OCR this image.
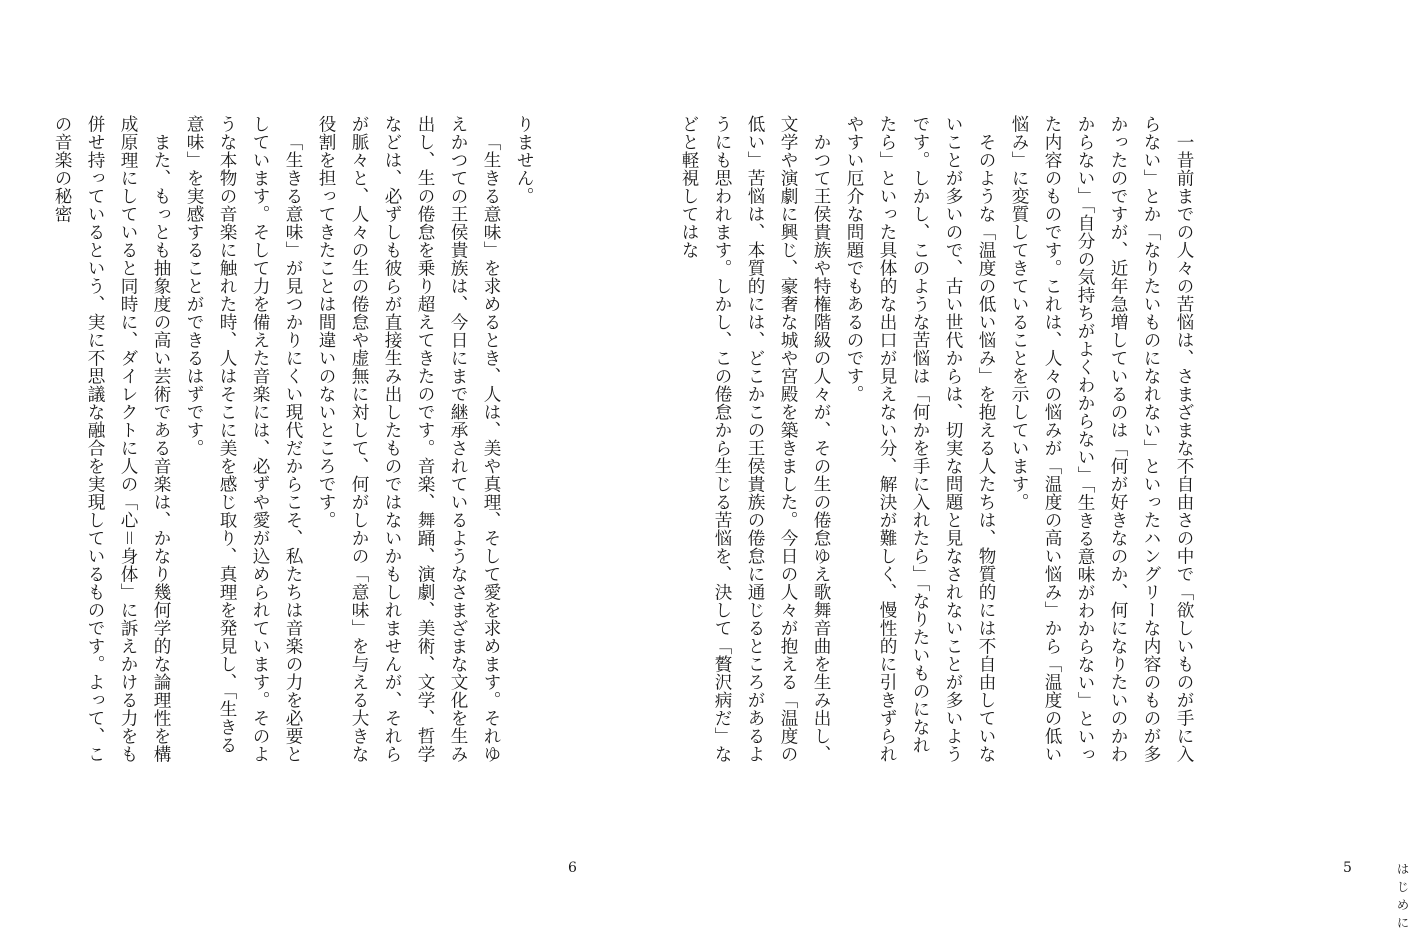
りません。

「生きる意味」を求めるとき、人は、美や真理、そして愛を求めます。それゆえかつての王侯貴族は、今日にまで継承されているようなさまざまな文化を生み出し、生の倦怠を乗り超えてきたのです。音楽、舞踊、演劇、美術、文学、哲学などは、必ずしも彼らが直接生み出したものではないかもしれませんが、それらが脈々と、人々の生の倦怠や虚無に対して、何がしかの「意味」を与える大きな役割を担ってきたことは間違いのないところです。

「生きる意味」が見つかりにくい現代だからこそ、私たちは音楽の力を必要としています。そして力を備えた音楽には、必ずや愛が込められています。そのような本物の音楽に触れた時、人はそこに美を感じ取り、真理を発見し、「生きる意味」を実感することができるはずです。

また、もっとも抽象度の高い芸術である音楽は、かなり幾何学的な論理性を構成原理にしていると同時に、ダイレクトに人の「心＝身体」に訴えかける力をも併せ持っているという、実に不思議な融合を実現しているものです。よって、この音楽の秘密

6

一昔前までの人々の苦悩は、さまざまな不自由さの中で「欲しいものが手に入らない」とか「なりたいものになれない」といったハングリーな内容のものが多かったのですが、近年急増しているのは「何が好きなのか、何になりたいのかわからない」「自分の気持ちがよくわからない」「生きる意味がわからない」といった内容のものです。これは、人々の悩みが「温度の高い悩み」から「温度の低い悩み」に変質してきていることを示しています。

そのような「温度の低い悩み」を抱える人たちは、物質的には不自由していないことが多いので、古い世代からは、切実な問題と見なされないことが多いようです。しかし、このような苦悩は「何かを手に入れたら」「なりたいものになれたら」といった具体的な出口が見えない分、解決が難しく、慢性的に引きずられやすい厄介な問題でもあるのです。

かつて王侯貴族や特権階級の人々が、その生の倦怠ゆえ歌舞音曲を生み出し、文学や演劇に興じ、豪奢な城や宮殿を築きました。今日の人々が抱える「温度の低い」苦悩は、本質的には、どこかこの王侯貴族の倦怠に通じるところがあるようにも思われます。しかし、この倦怠から生じる苦悩を、決して「贅沢病だ」などと軽視してはな

5	はじめに
